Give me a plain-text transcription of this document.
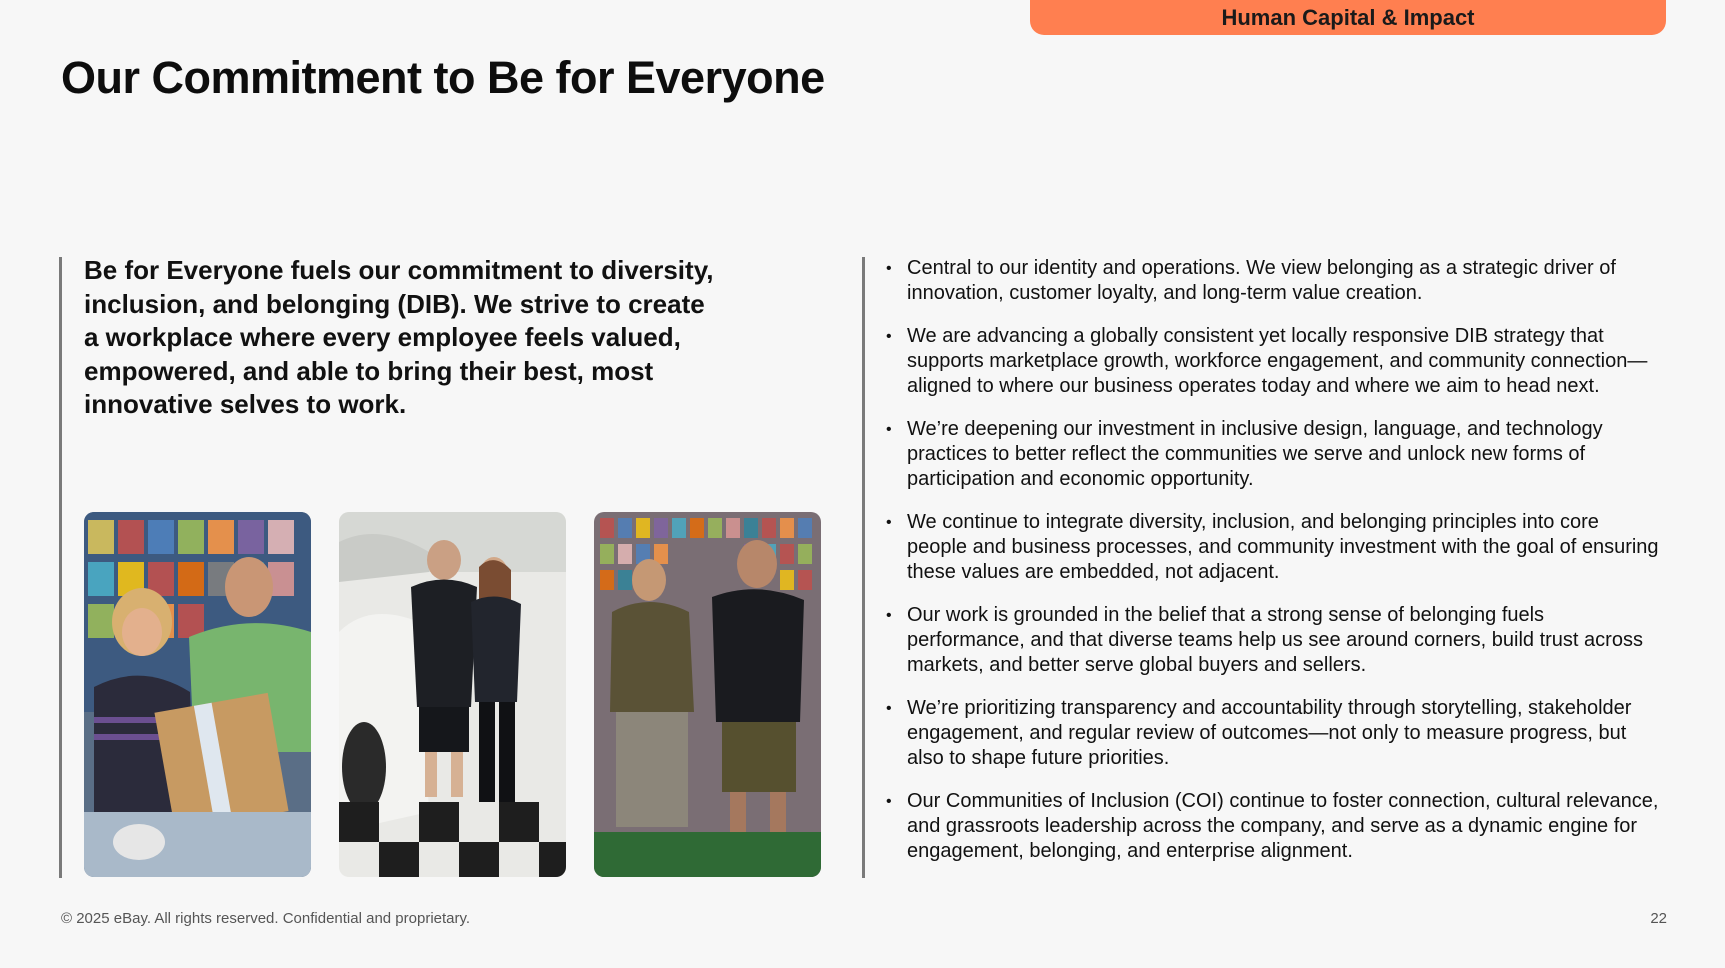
Human Capital & Impact
Our Commitment to Be for Everyone

Be for Everyone fuels our commitment to diversity, inclusion, and belonging (DIB). We strive to create a workplace where every employee feels valued, empowered, and able to bring their best, most innovative selves to work.

• Central to our identity and operations. We view belonging as a strategic driver of innovation, customer loyalty, and long-term value creation.
• We are advancing a globally consistent yet locally responsive DIB strategy that supports marketplace growth, workforce engagement, and community connection—aligned to where our business operates today and where we aim to head next.
• We’re deepening our investment in inclusive design, language, and technology practices to better reflect the communities we serve and unlock new forms of participation and economic opportunity.
• We continue to integrate diversity, inclusion, and belonging principles into core people and business processes, and community investment with the goal of ensuring these values are embedded, not adjacent.
• Our work is grounded in the belief that a strong sense of belonging fuels performance, and that diverse teams help us see around corners, build trust across markets, and better serve global buyers and sellers.
• We’re prioritizing transparency and accountability through storytelling, stakeholder engagement, and regular review of outcomes—not only to measure progress, but also to shape future priorities.
• Our Communities of Inclusion (COI) continue to foster connection, cultural relevance, and grassroots leadership across the company, and serve as a dynamic engine for engagement, belonging, and enterprise alignment.
© 2025 eBay. All rights reserved. Confidential and proprietary.	22
